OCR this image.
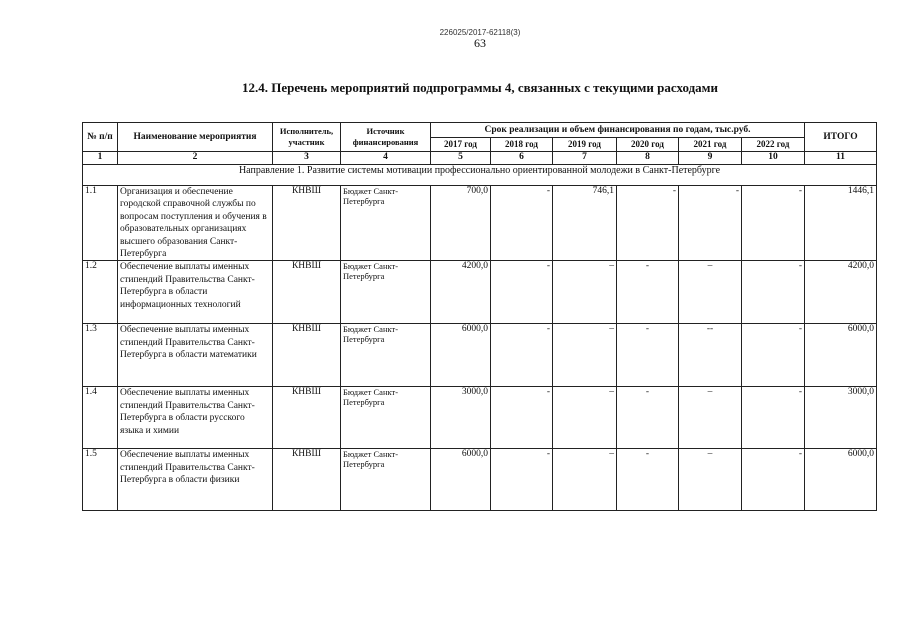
226025/2017-62118(3)
63
12.4. Перечень мероприятий подпрограммы 4, связанных с текущими расходами
№ п/п	Наименование мероприятия	Исполнитель, участник	Источник финансирования	Срок реализации и объем финансирования по годам, тыс.руб.						ИТОГО
				2017 год	2018 год	2019 год	2020 год	2021 год	2022 год	
1	2	3	4	5	6	7	8	9	10	11
Направление 1. Развитие системы мотивации профессионально ориентированной молодежи в Санкт-Петербурге										
1.1	Организация и обеспечение городской справочной службы по вопросам поступления и обучения в образовательных организациях высшего образования Санкт-Петербурга	КНВШ	Бюджет Санкт-Петербурга	700,0	-	746,1	-	-	-	1446,1
1.2	Обеспечение выплаты именных стипендий Правительства Санкт-Петербурга в области информационных технологий	КНВШ	Бюджет Санкт-Петербурга	4200,0	-	–	-	–	-	4200,0
1.3	Обеспечение выплаты именных стипендий Правительства Санкт-Петербурга в области математики	КНВШ	Бюджет Санкт-Петербурга	6000,0	-	–	-	--	-	6000,0
1.4	Обеспечение выплаты именных стипендий Правительства Санкт-Петербурга в области русского языка и химии	КНВШ	Бюджет Санкт-Петербурга	3000,0	-	–	-	–	-	3000,0
1.5	Обеспечение выплаты именных стипендий Правительства Санкт-Петербурга в области физики	КНВШ	Бюджет Санкт-Петербурга	6000,0	-	–	-	–	-	6000,0
